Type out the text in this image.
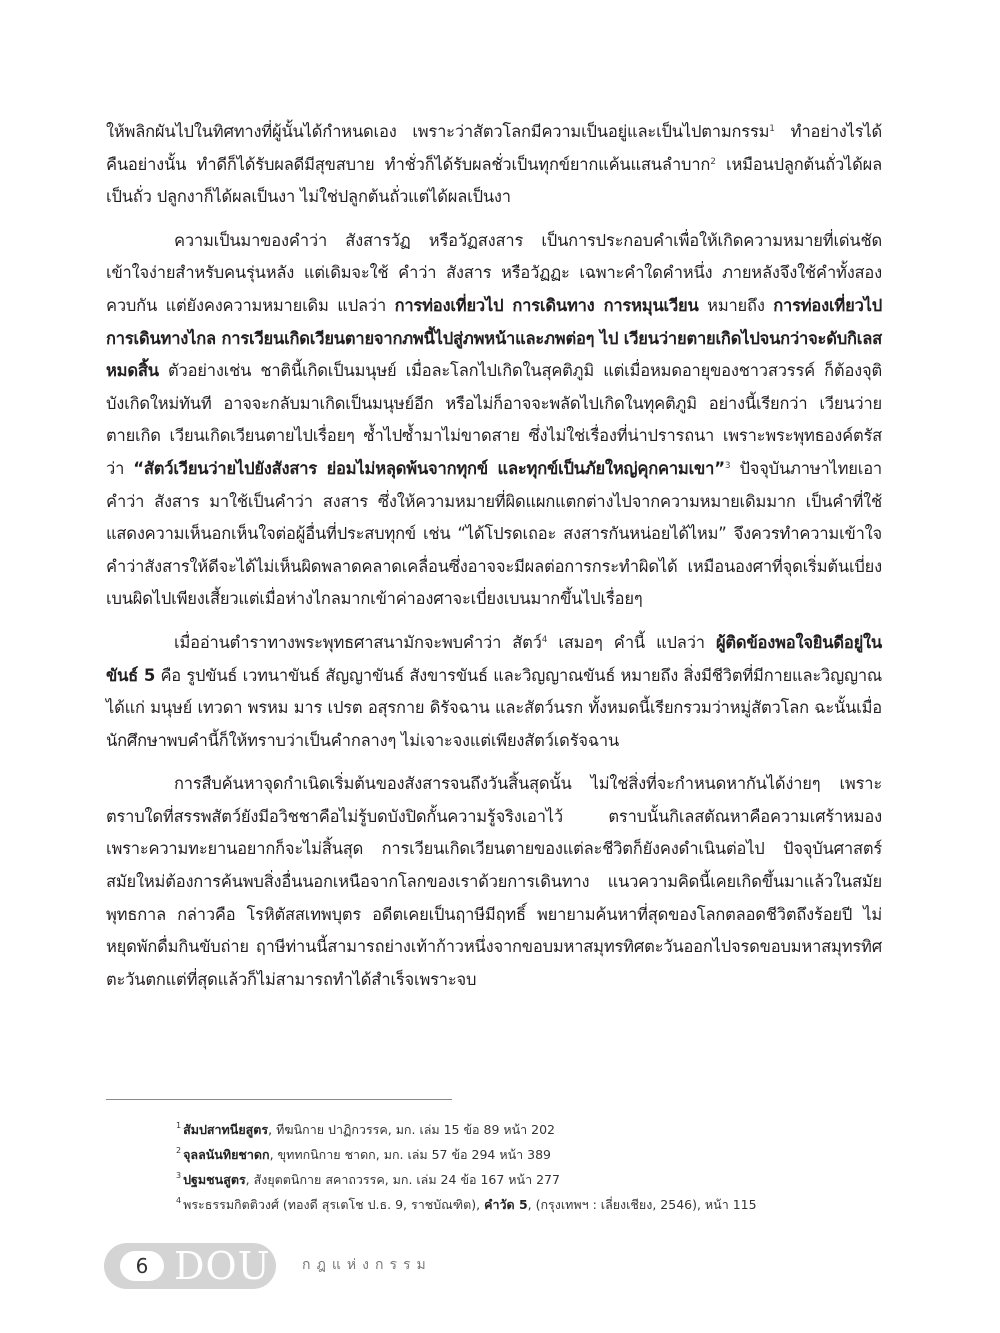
ให้พลิกผันไปในทิศทางที่ผู้นั้นได้กำหนดเอง เพราะว่าสัตวโลกมีความเป็นอยู่และเป็นไปตามกรรม$^1$ ทำอย่างไรได้คืนอย่างนั้น ทำดีก็ได้รับผลดีมีสุขสบาย ทำชั่วก็ได้รับผลชั่วเป็นทุกข์ยากแค้นแสนลำบาก$^2$ เหมือนปลูกต้นถั่วได้ผลเป็นถั่ว ปลูกงาก็ได้ผลเป็นงา ไม่ใช่ปลูกต้นถั่วแต่ได้ผลเป็นงา

ความเป็นมาของคำว่า สังสารวัฏ หรือวัฏสงสาร เป็นการประกอบคำเพื่อให้เกิดความหมายที่เด่นชัดเข้าใจง่ายสำหรับคนรุ่นหลัง แต่เดิมจะใช้ คำว่า สังสาร หรือวัฏฏะ เฉพาะคำใดคำหนึ่ง ภายหลังจึงใช้คำทั้งสองควบกัน แต่ยังคงความหมายเดิม แปลว่า การท่องเที่ยวไป การเดินทาง การหมุนเวียน หมายถึง การท่องเที่ยวไป การเดินทางไกล การเวียนเกิดเวียนตายจากภพนี้ไปสู่ภพหน้าและภพต่อๆ ไป เวียนว่ายตายเกิดไปจนกว่าจะดับกิเลสหมดสิ้น ตัวอย่างเช่น ชาตินี้เกิดเป็นมนุษย์ เมื่อละโลกไปเกิดในสุคติภูมิ แต่เมื่อหมดอายุของชาวสวรรค์ ก็ต้องจุติบังเกิดใหม่ทันที อาจจะกลับมาเกิดเป็นมนุษย์อีก หรือไม่ก็อาจจะพลัดไปเกิดในทุคติภูมิ อย่างนี้เรียกว่า เวียนว่ายตายเกิด เวียนเกิดเวียนตายไปเรื่อยๆ ซ้ำไปซ้ำมาไม่ขาดสาย ซึ่งไม่ใช่เรื่องที่น่าปรารถนา เพราะพระพุทธองค์ตรัสว่า “สัตว์เวียนว่ายไปยังสังสาร ย่อมไม่หลุดพ้นจากทุกข์ และทุกข์เป็นภัยใหญ่คุกคามเขา”$^3$ ปัจจุบันภาษาไทยเอาคำว่า สังสาร มาใช้เป็นคำว่า สงสาร ซึ่งให้ความหมายที่ผิดแผกแตกต่างไปจากความหมายเดิมมาก เป็นคำที่ใช้แสดงความเห็นอกเห็นใจต่อผู้อื่นที่ประสบทุกข์ เช่น “ได้โปรดเถอะ สงสารกันหน่อยได้ไหม” จึงควรทำความเข้าใจคำว่าสังสารให้ดีจะได้ไม่เห็นผิดพลาดคลาดเคลื่อนซึ่งอาจจะมีผลต่อการกระทำผิดได้ เหมือนองศาที่จุดเริ่มต้นเบี่ยงเบนผิดไปเพียงเสี้ยวแต่เมื่อห่างไกลมากเข้าค่าองศาจะเบี่ยงเบนมากขึ้นไปเรื่อยๆ

เมื่ออ่านตำราทางพระพุทธศาสนามักจะพบคำว่า สัตว์$^4$ เสมอๆ คำนี้ แปลว่า ผู้ติดข้องพอใจยินดีอยู่ในขันธ์ 5 คือ รูปขันธ์ เวทนาขันธ์ สัญญาขันธ์ สังขารขันธ์ และวิญญาณขันธ์ หมายถึง สิ่งมีชีวิตที่มีกายและวิญญาณ ได้แก่ มนุษย์ เทวดา พรหม มาร เปรต อสุรกาย ดิรัจฉาน และสัตว์นรก ทั้งหมดนี้เรียกรวมว่าหมู่สัตวโลก ฉะนั้นเมื่อนักศึกษาพบคำนี้ก็ให้ทราบว่าเป็นคำกลางๆ ไม่เจาะจงแต่เพียงสัตว์เดรัจฉาน

การสืบค้นหาจุดกำเนิดเริ่มต้นของสังสารจนถึงวันสิ้นสุดนั้น ไม่ใช่สิ่งที่จะกำหนดหากันได้ง่ายๆ เพราะตราบใดที่สรรพสัตว์ยังมีอวิชชาคือไม่รู้บดบังปิดกั้นความรู้จริงเอาไว้ ตราบนั้นกิเลสตัณหาคือความเศร้าหมองเพราะความทะยานอยากก็จะไม่สิ้นสุด การเวียนเกิดเวียนตายของแต่ละชีวิตก็ยังคงดำเนินต่อไป ปัจจุบันศาสตร์สมัยใหม่ต้องการค้นพบสิ่งอื่นนอกเหนือจากโลกของเราด้วยการเดินทาง แนวความคิดนี้เคยเกิดขึ้นมาแล้วในสมัยพุทธกาล กล่าวคือ โรหิตัสสเทพบุตร อดีตเคยเป็นฤาษีมีฤทธิ์ พยายามค้นหาที่สุดของโลกตลอดชีวิตถึงร้อยปี ไม่หยุดพักดื่มกินขับถ่าย ฤาษีท่านนี้สามารถย่างเท้าก้าวหนึ่งจากขอบมหาสมุทรทิศตะวันออกไปจรดขอบมหาสมุทรทิศตะวันตกแต่ที่สุดแล้วก็ไม่สามารถทำได้สำเร็จเพราะจบ

$^1$ สัมปสาทนียสูตร, ทีฆนิกาย ปาฏิกวรรค, มก. เล่ม 15 ข้อ 89 หน้า 202
$^2$ จุลลนันทิยชาดก, ขุททกนิกาย ชาดก, มก. เล่ม 57 ข้อ 294 หน้า 389
$^3$ ปฐมชนสูตร, สังยุตตนิกาย สคาถวรรค, มก. เล่ม 24 ข้อ 167 หน้า 277
$^4$ พระธรรมกิตติวงศ์ (ทองดี สุรเตโช ป.ธ. 9, ราชบัณฑิต), คำวัด 5, (กรุงเทพฯ : เลี่ยงเชียง, 2546), หน้า 115
6 DOU กฎแห่งกรรม
